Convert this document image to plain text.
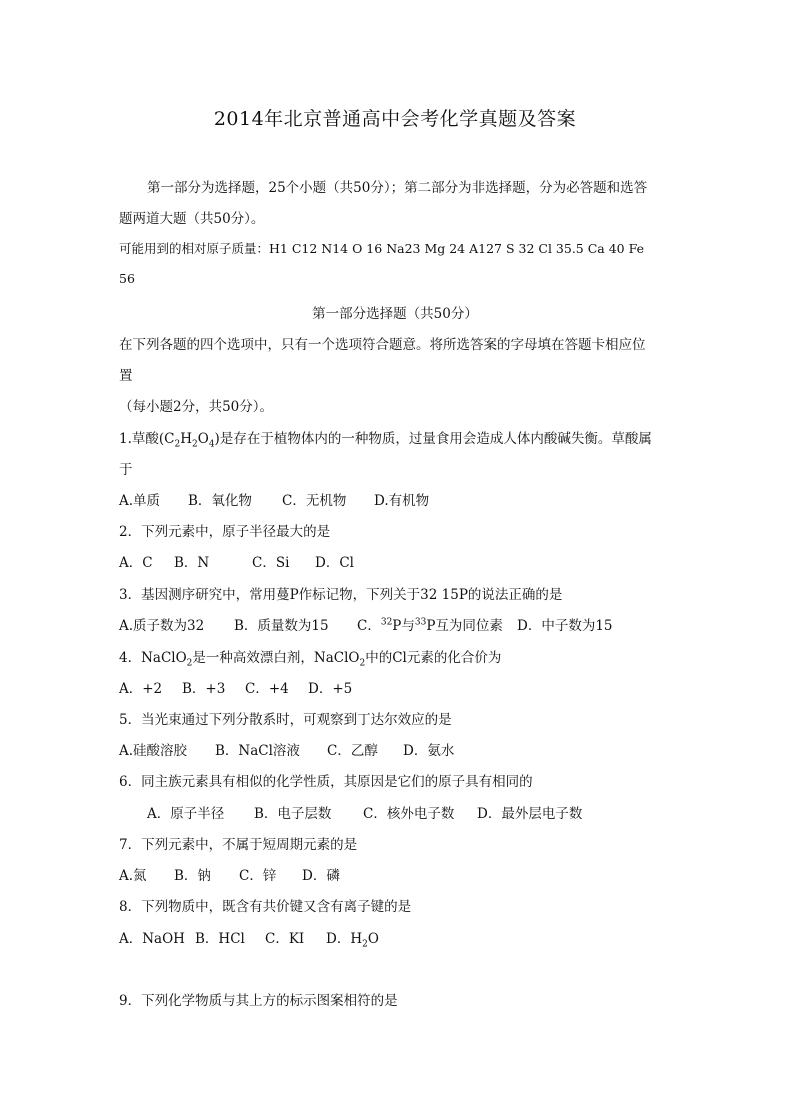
2014年北京普通高中会考化学真题及答案
第一部分为选择题，25个小题（共50分）；第二部分为非选择题，分为必答题和选答
题两道大题（共50分）。
可能用到的相对原子质量：H1 C12 N14 O 16 Na23 Mg 24 A127 S 32 Cl 35.5 Ca 40 Fe
56
第一部分选择题（共50分）
在下列各题的四个选项中，只有一个选项符合题意。将所选答案的字母填在答题卡相应位
置
（每小题2分，共50分）。
1.草酸$(C_2H_2O_4)$是存在于植物体内的一种物质，过量食用会造成人体内酸碱失衡。草酸属
于
A.单质 B．氧化物 C．无机物 D.有机物
2．下列元素中，原子半径最大的是
A．C B．N	C．Si D．Cl
3．基因测序研究中，常用蔓P作标记物，下列关于32 15P的说法正确的是
A.质子数为32 B．质量数为15 C．$^{32}$P与$^{33}$P互为同位素 D．中子数为15
4．NaClO$_2$是一种高效漂白剂，NaClO$_2$中的Cl元素的化合价为
A．+2 B．+3 C．+4 D．+5
5．当光束通过下列分散系时，可观察到丁达尔效应的是
A.硅酸溶胶 B．NaCl溶液 C．乙醇 D．氨水
6．同主族元素具有相似的化学性质，其原因是它们的原子具有相同的
A．原子半径 B．电子层数 C．核外电子数 D．最外层电子数
7．下列元素中，不属于短周期元素的是
A.氮 B．钠 C．锌 D．磷
8．下列物质中，既含有共价键又含有离子键的是
A．NaOH B．HCl C．KI D．$H_2O$
9．下列化学物质与其上方的标示图案相符的是
